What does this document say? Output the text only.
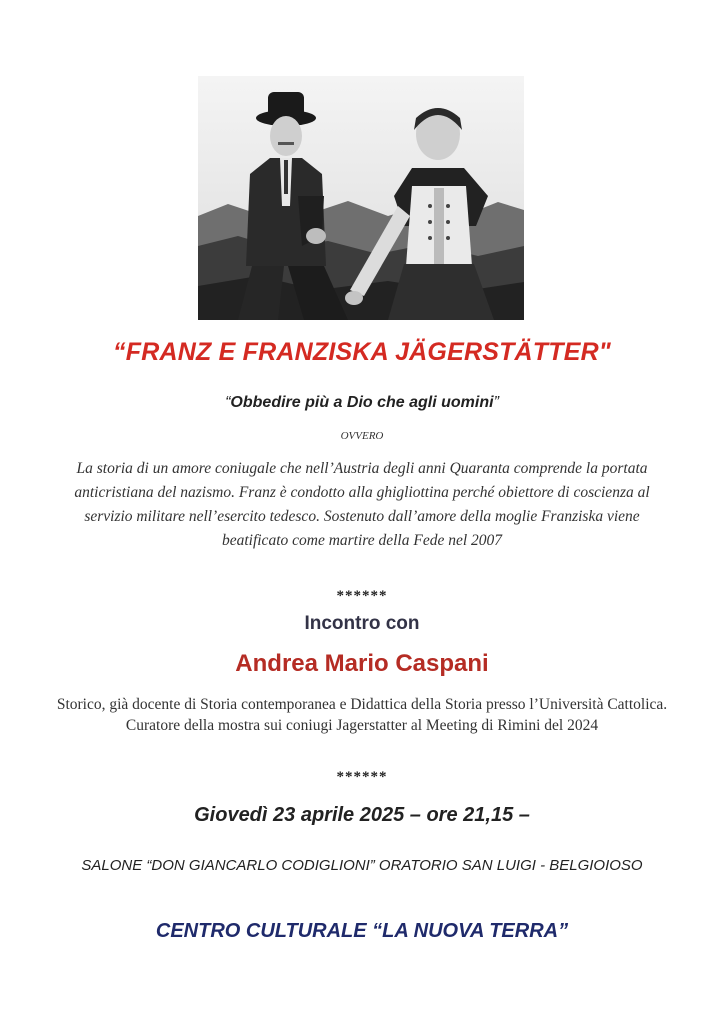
“FRANZ E FRANZISKA JÄGERSTÄTTER"
“Obbedire più a Dio che agli uomini”
OVVERO
La storia di un amore coniugale che nell’Austria degli anni Quaranta comprende la portata anticristiana del nazismo. Franz è condotto alla ghigliottina perché obiettore di coscienza al servizio militare nell’esercito tedesco. Sostenuto dall’amore della moglie Franziska viene beatificato come martire della Fede nel 2007
******
Incontro con
Andrea Mario Caspani
Storico, già docente di Storia contemporanea e Didattica della Storia presso l’Università Cattolica. Curatore della mostra sui coniugi Jagerstatter al Meeting di Rimini del 2024
******
Giovedì 23 aprile 2025 – ore 21,15 –
SALONE “DON GIANCARLO CODIGLIONI” ORATORIO SAN LUIGI - BELGIOIOSO
CENTRO CULTURALE “LA NUOVA TERRA”
